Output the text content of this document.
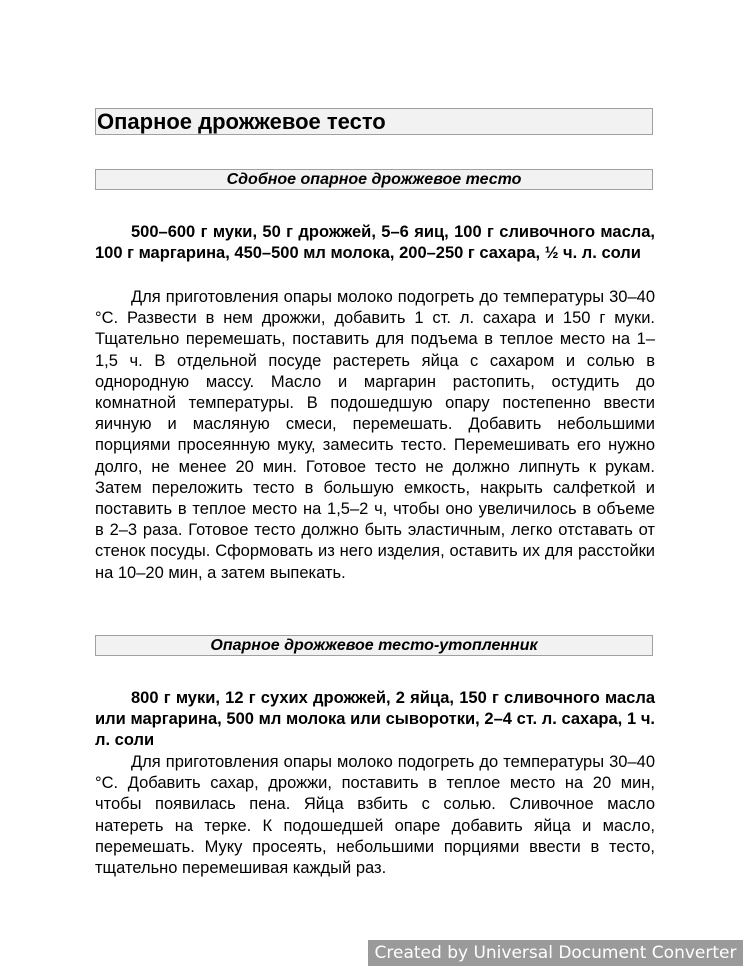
Опарное дрожжевое тесто
Сдобное опарное дрожжевое тесто

500–600 г муки, 50 г дрожжей, 5–6 яиц, 100 г сливочного масла, 100 г маргарина, 450–500 мл молока, 200–250 г сахара, ½ ч. л. соли

Для приготовления опары молоко подогреть до температуры 30–40 °С. Развести в нем дрожжи, добавить 1 ст. л. сахара и 150 г муки. Тщательно перемешать, поставить для подъема в теплое место на 1–1,5 ч. В отдельной посуде растереть яйца с сахаром и солью в однородную массу. Масло и маргарин растопить, остудить до комнатной температуры. В подошедшую опару постепенно ввести яичную и масляную смеси, перемешать. Добавить небольшими порциями просеянную муку, замесить тесто. Перемешивать его нужно долго, не менее 20 мин. Готовое тесто не должно липнуть к рукам. Затем переложить тесто в большую емкость, накрыть салфеткой и поставить в теплое место на 1,5–2 ч, чтобы оно увеличилось в объеме в 2–3 раза. Готовое тесто должно быть эластичным, легко отставать от стенок посуды. Сформовать из него изделия, оставить их для расстойки на 10–20 мин, а затем выпекать.

Опарное дрожжевое тесто-утопленник

800 г муки, 12 г сухих дрожжей, 2 яйца, 150 г сливочного масла или маргарина, 500 мл молока или сыворотки, 2–4 ст. л. сахара, 1 ч. л. соли

Для приготовления опары молоко подогреть до температуры 30–40 °С. Добавить сахар, дрожжи, поставить в теплое место на 20 мин, чтобы появилась пена. Яйца взбить с солью. Сливочное масло натереть на терке. К подошедшей опаре добавить яйца и масло, перемешать. Муку просеять, небольшими порциями ввести в тесто, тщательно перемешивая каждый раз.

Created by Universal Document Converter
